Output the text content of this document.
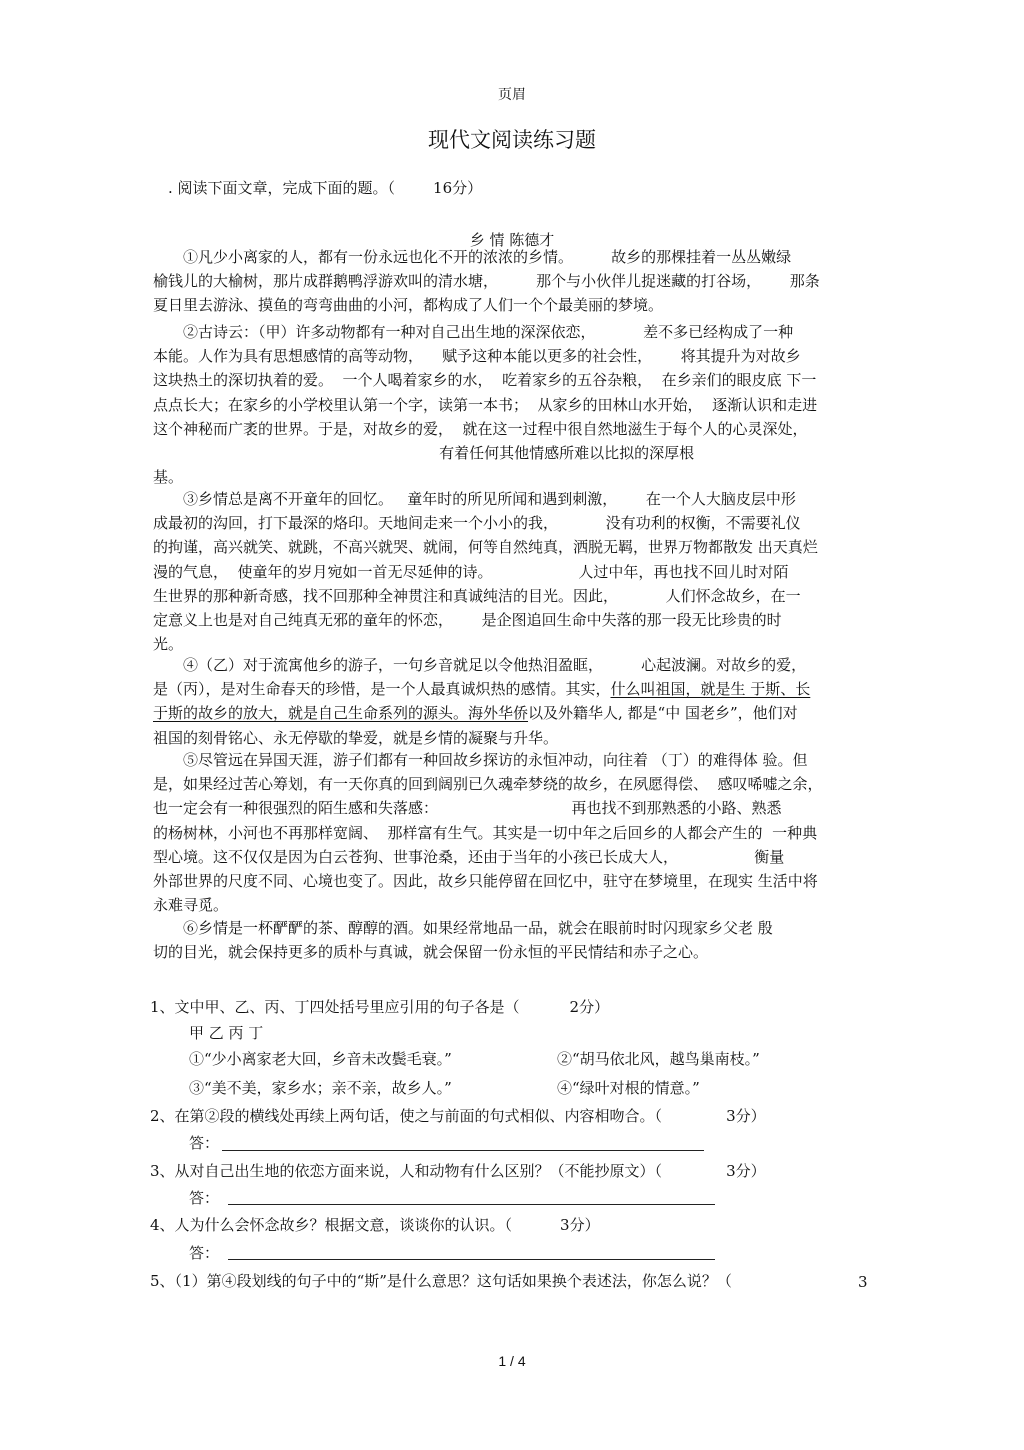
页眉
现代文阅读练习题
. 阅读下面文章，完成下面的题。（	16分）
乡 情 陈德才
①凡少小离家的人，都有一份永远也化不开的浓浓的乡情。        故乡的那棵挂着一丛丛嫩绿
榆钱儿的大榆树，那片成群鹅鸭浮游欢叫的清水塘，        那个与小伙伴儿捉迷藏的打谷场，      那条
夏日里去游泳、摸鱼的弯弯曲曲的小河，都构成了人们一个个最美丽的梦境。
②古诗云：（甲）许多动物都有一种对自己出生地的深深依恋，          差不多已经构成了一种
本能。人作为具有思想感情的高等动物，    赋予这种本能以更多的社会性，      将其提升为对故乡
这块热土的深切执着的爱。  一个人喝着家乡的水，  吃着家乡的五谷杂粮，  在乡亲们的眼皮底 下一
点点长大；在家乡的小学校里认第一个字，读第一本书；  从家乡的田林山水开始，  逐渐认识和走进
这个神秘而广袤的世界。于是，对故乡的爱，  就在这一过程中很自然地滋生于每个人的心灵深处，
有着任何其他情感所难以比拟的深厚根
基。
③乡情总是离不开童年的回忆。   童年时的所见所闻和遇到刺激，      在一个人大脑皮层中形
成最初的沟回，打下最深的烙印。天地间走来一个小小的我，          没有功利的权衡，不需要礼仪
的拘谨，高兴就笑、就跳，不高兴就哭、就闹，何等自然纯真，洒脱无羁，世界万物都散发 出天真烂
漫的气息，  使童年的岁月宛如一首无尽延伸的诗。                  人过中年，再也找不回儿时对陌
生世界的那种新奇感，找不回那种全神贯注和真诚纯洁的目光。因此，          人们怀念故乡，在一
定意义上也是对自己纯真无邪的童年的怀恋，      是企图追回生命中失落的那一段无比珍贵的时
光。
④（乙）对于流寓他乡的游子，一句乡音就足以令他热泪盈眶，        心起波澜。对故乡的爱，
是（丙），是对生命春天的珍惜，是一个人最真诚炽热的感情。其实，什么叫祖国，就是生 于斯、长
于斯的故乡的放大，就是自己生命系列的源头。海外华侨以及外籍华人, 都是“中 国老乡”，他们对
祖国的刻骨铭心、永无停歇的挚爱，就是乡情的凝聚与升华。
⑤尽管远在异国天涯，游子们都有一种回故乡探访的永恒冲动，向往着 （丁）的难得体 验。但
是，如果经过苦心筹划，有一天你真的回到阔别已久魂牵梦绕的故乡，在夙愿得偿、  感叹唏嘘之余，
也一定会有一种很强烈的陌生感和失落感：                            再也找不到那熟悉的小路、熟悉
的杨树林，小河也不再那样宽阔、  那样富有生气。其实是一切中年之后回乡的人都会产生的  一种典
型心境。这不仅仅是因为白云苍狗、世事沧桑，还由于当年的小孩已长成大人，                衡量
外部世界的尺度不同、心境也变了。因此，故乡只能停留在回忆中，驻守在梦境里，在现实 生活中将
永难寻觅。
⑥乡情是一杯酽酽的茶、醇醇的酒。如果经常地品一品，就会在眼前时时闪现家乡父老 殷
切的目光，就会保持更多的质朴与真诚，就会保留一份永恒的平民情结和赤子之心。
1、文中甲、乙、丙、丁四处括号里应引用的句子各是（	2分）
甲 乙 丙 丁
①“少小离家老大回，乡音未改鬓毛衰。”	②“胡马依北风，越鸟巢南枝。”
③“美不美，家乡水；亲不亲，故乡人。”	④“绿叶对根的情意。”
2、在第②段的横线处再续上两句话，使之与前面的句式相似、内容相吻合。（	3分）
答：
3、从对自己出生地的依恋方面来说，人和动物有什么区别？（不能抄原文）（	3分）
答：
4、人为什么会怀念故乡？根据文意，谈谈你的认识。（	3分）
答：
5、（1）第④段划线的句子中的“斯”是什么意思？这句话如果换个表述法，你怎么说？（	3
1 / 4
